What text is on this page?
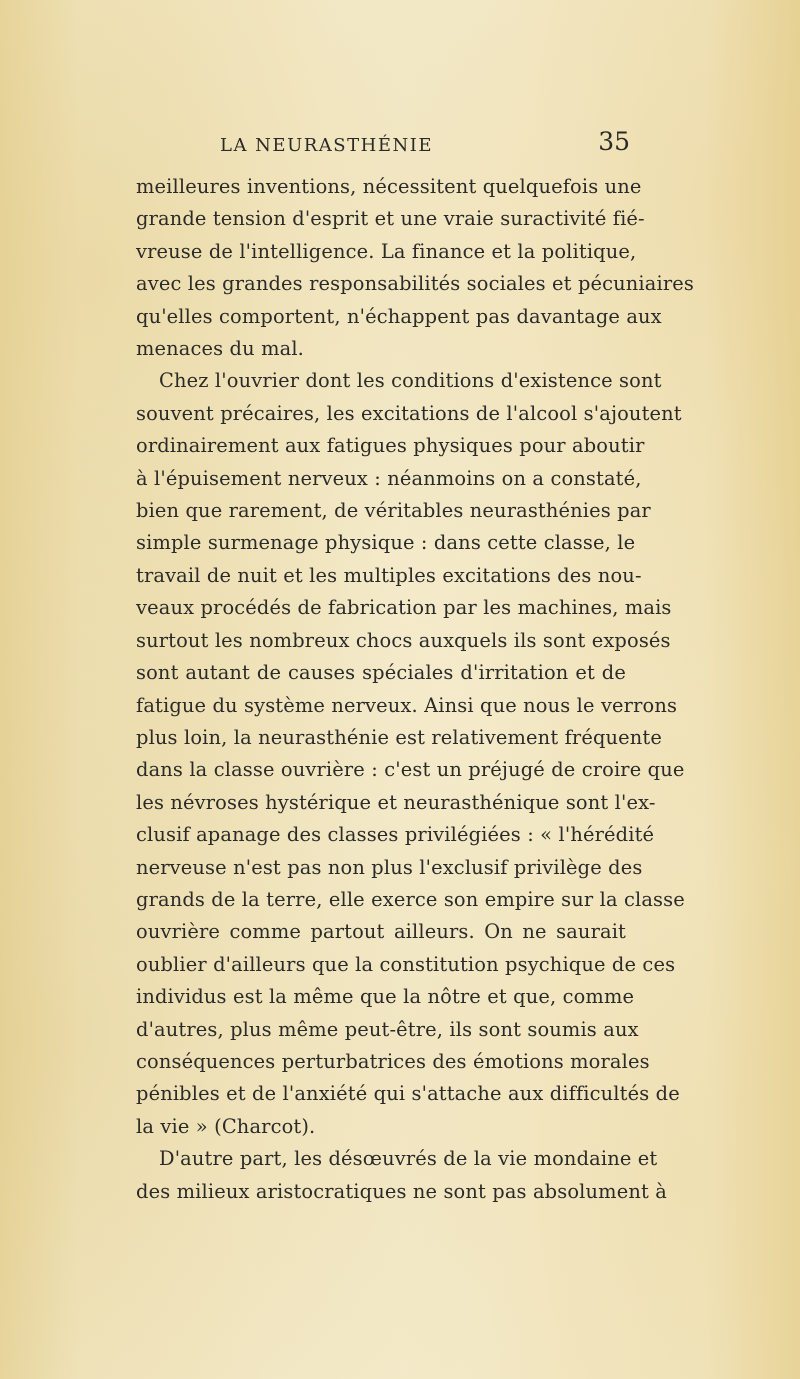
LA NEURASTHÉNIE	35
meilleures inventions, nécessitent quelquefois une
grande tension d'esprit et une vraie suractivité fié-
vreuse de l'intelligence. La finance et la politique,
avec les grandes responsabilités sociales et pécuniaires
qu'elles comportent, n'échappent pas davantage aux
menaces du mal.
Chez l'ouvrier dont les conditions d'existence sont
souvent précaires, les excitations de l'alcool s'ajoutent
ordinairement aux fatigues physiques pour aboutir
à l'épuisement nerveux : néanmoins on a constaté,
bien que rarement, de véritables neurasthénies par
simple surmenage physique : dans cette classe, le
travail de nuit et les multiples excitations des nou-
veaux procédés de fabrication par les machines, mais
surtout les nombreux chocs auxquels ils sont exposés
sont autant de causes spéciales d'irritation et de
fatigue du système nerveux. Ainsi que nous le verrons
plus loin, la neurasthénie est relativement fréquente
dans la classe ouvrière : c'est un préjugé de croire que
les névroses hystérique et neurasthénique sont l'ex-
clusif apanage des classes privilégiées : « l'hérédité
nerveuse n'est pas non plus l'exclusif privilège des
grands de la terre, elle exerce son empire sur la classe
ouvrière comme partout ailleurs. On ne saurait
oublier d'ailleurs que la constitution psychique de ces
individus est la même que la nôtre et que, comme
d'autres, plus même peut-être, ils sont soumis aux
conséquences perturbatrices des émotions morales
pénibles et de l'anxiété qui s'attache aux difficultés de
la vie » (Charcot).
D'autre part, les désœuvrés de la vie mondaine et
des milieux aristocratiques ne sont pas absolument à
